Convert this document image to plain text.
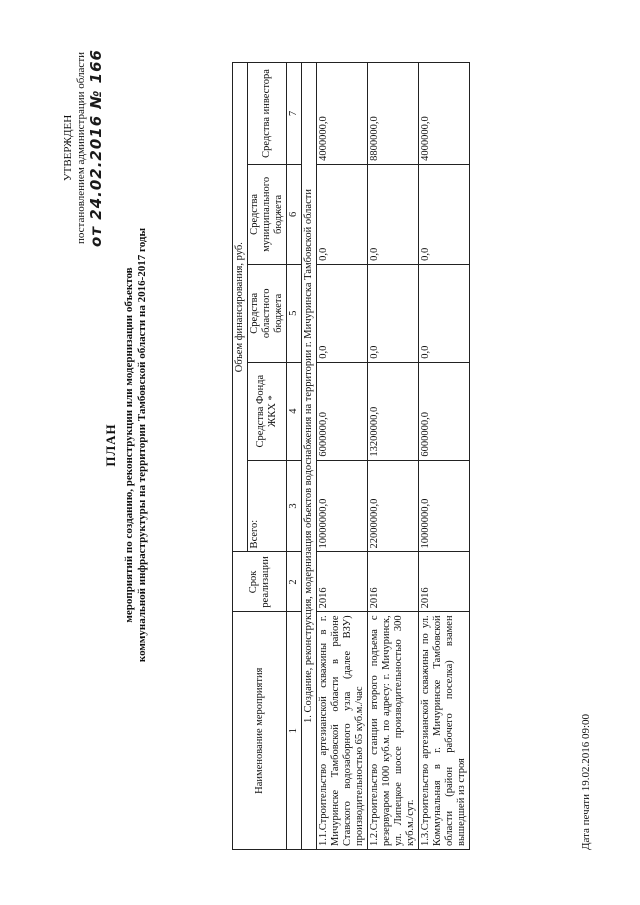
УТВЕРЖДЕН постановлением администрации области от 24.02.2016 № 166
ПЛАН мероприятий по созданию, реконструкции или модернизации объектов коммунальной инфраструктуры на территории Тамбовской области на 2016-2017 годы
Наименование мероприятия	Срок реализации	Объем финансирования, руб.				
		Всего:	Средства Фонда ЖКХ *	Средства областного бюджета	Средства муниципального бюджета	Средства инвестора
1	2	3	4	5	6	7
1. Создание, реконструкция, модернизация объектов водоснабжения на территории г. Мичуринска Тамбовской области						
1.1.Строительство артезианской скважины в г. Мичуринске Тамбовской области в районе Ставского водозаборного узла (далее ВЗУ) производительностью 65 куб.м./час	2016	10000000,0	6000000,0	0,0	0,0	4000000,0
1.2.Строительство станции второго подъема с резервуаром 1000 куб.м. по адресу: г. Мичуринск, ул. Липецкое шоссе производительностью 300 куб.м./сут.	2016	22000000,0	13200000,0	0,0	0,0	8800000,0
1.3.Строительство артезианской скважины по ул. Коммунальная в г. Мичуринске Тамбовской области (район рабочего поселка) взамен вышедшей из строя	2016	10000000,0	6000000,0	0,0	0,0	4000000,0
Дата печати 19.02.2016 09:00
